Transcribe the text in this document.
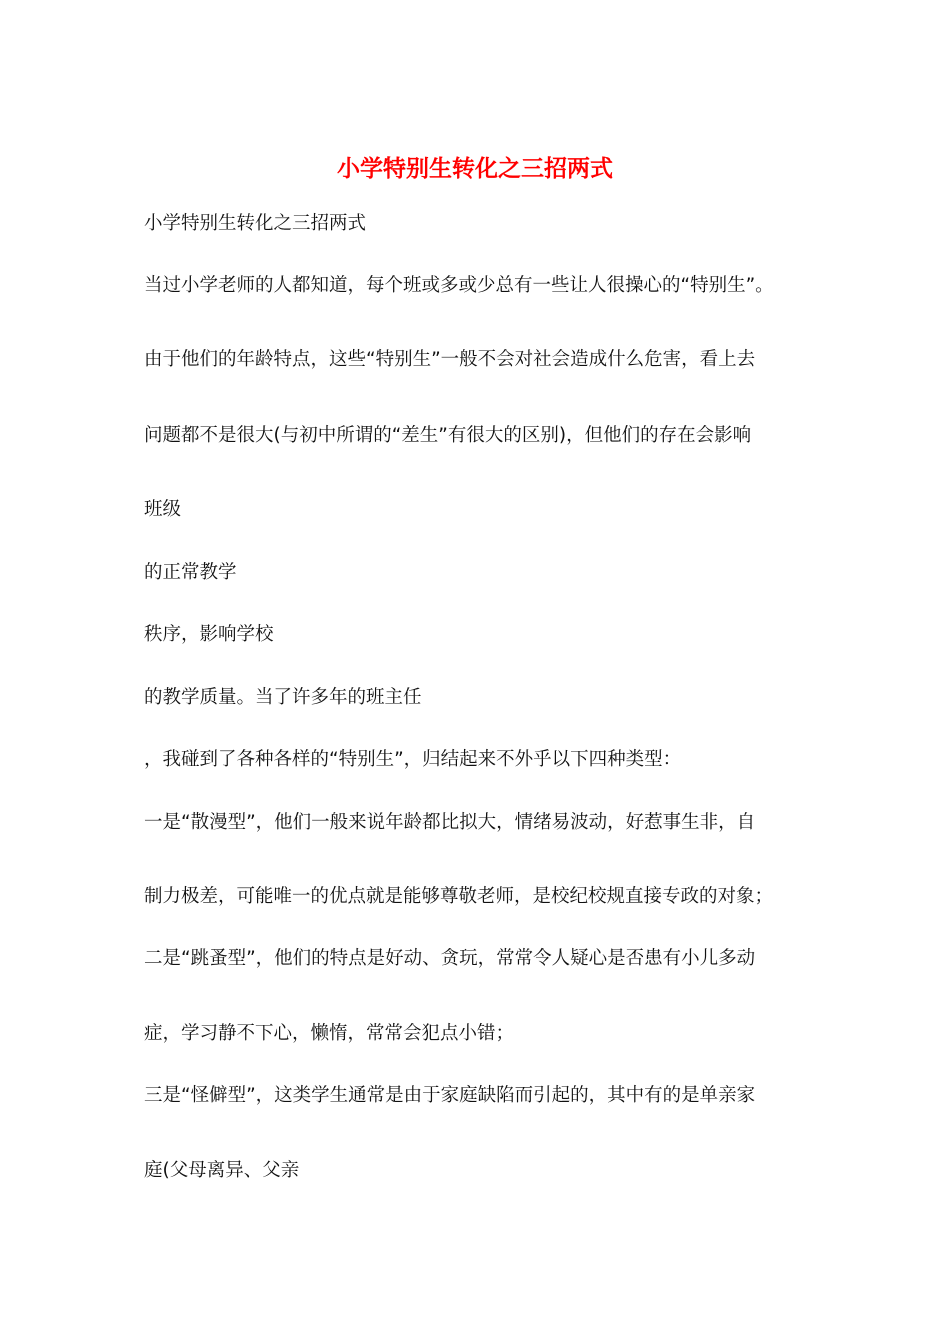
小学特别生转化之三招两式
小学特别生转化之三招两式
当过小学老师的人都知道，每个班或多或少总有一些让人很操心的“特别生”。
由于他们的年龄特点，这些“特别生”一般不会对社会造成什么危害，看上去
问题都不是很大(与初中所谓的“差生”有很大的区别)，但他们的存在会影响
班级
的正常教学
秩序，影响学校
的教学质量。当了许多年的班主任
，我碰到了各种各样的“特别生”，归结起来不外乎以下四种类型：
一是“散漫型”，他们一般来说年龄都比拟大，情绪易波动，好惹事生非，自
制力极差，可能唯一的优点就是能够尊敬老师，是校纪校规直接专政的对象；
二是“跳蚤型”，他们的特点是好动、贪玩，常常令人疑心是否患有小儿多动
症，学习静不下心，懒惰，常常会犯点小错；
三是“怪僻型”，这类学生通常是由于家庭缺陷而引起的，其中有的是单亲家
庭(父母离异、父亲
